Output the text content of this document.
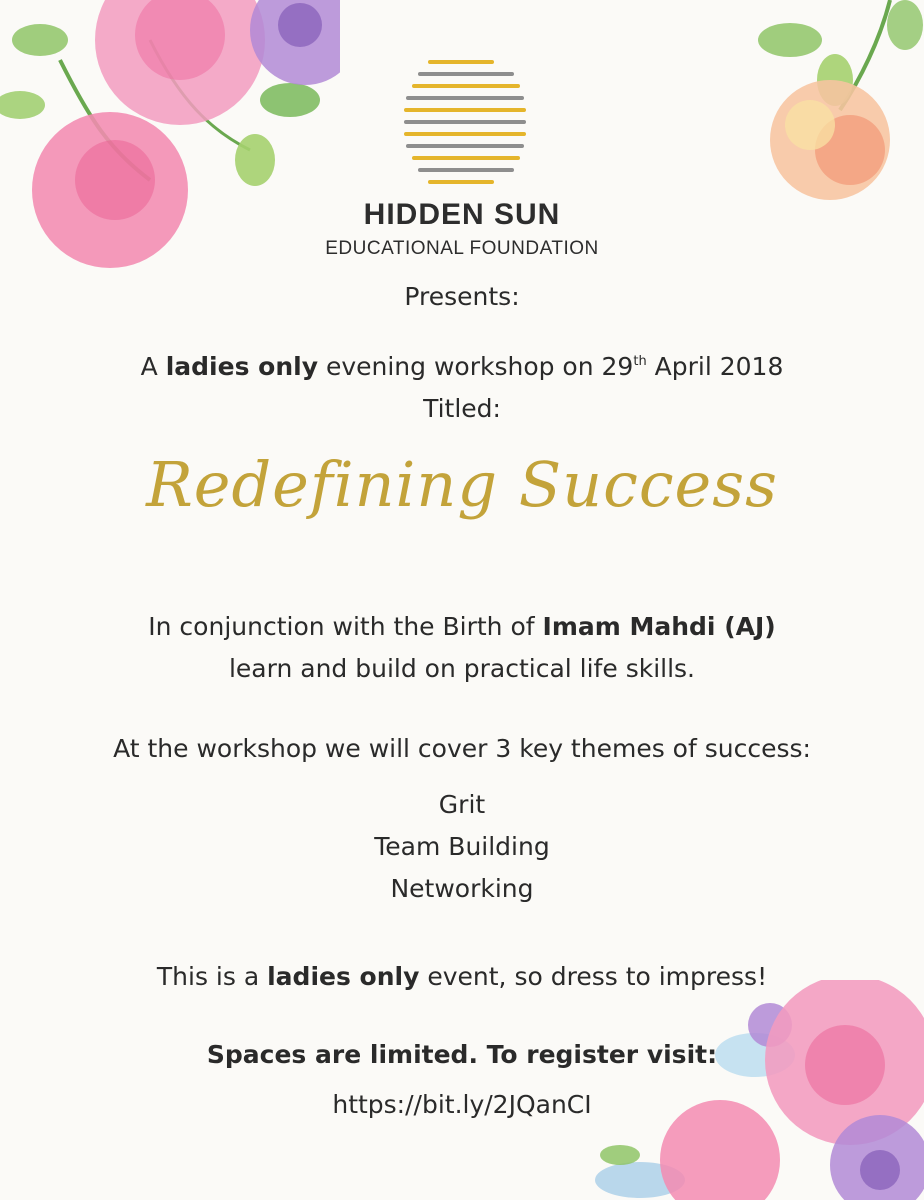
HIDDEN SUN
EDUCATIONAL FOUNDATION
Presents:
A ladies only evening workshop on 29th April 2018
Titled:
Redefining Success
In conjunction with the Birth of Imam Mahdi (AJ)
learn and build on practical life skills.
At the workshop we will cover 3 key themes of success:
Grit
Team Building
Networking
This is a ladies only event, so dress to impress!
Spaces are limited. To register visit:
https://bit.ly/2JQanCI
